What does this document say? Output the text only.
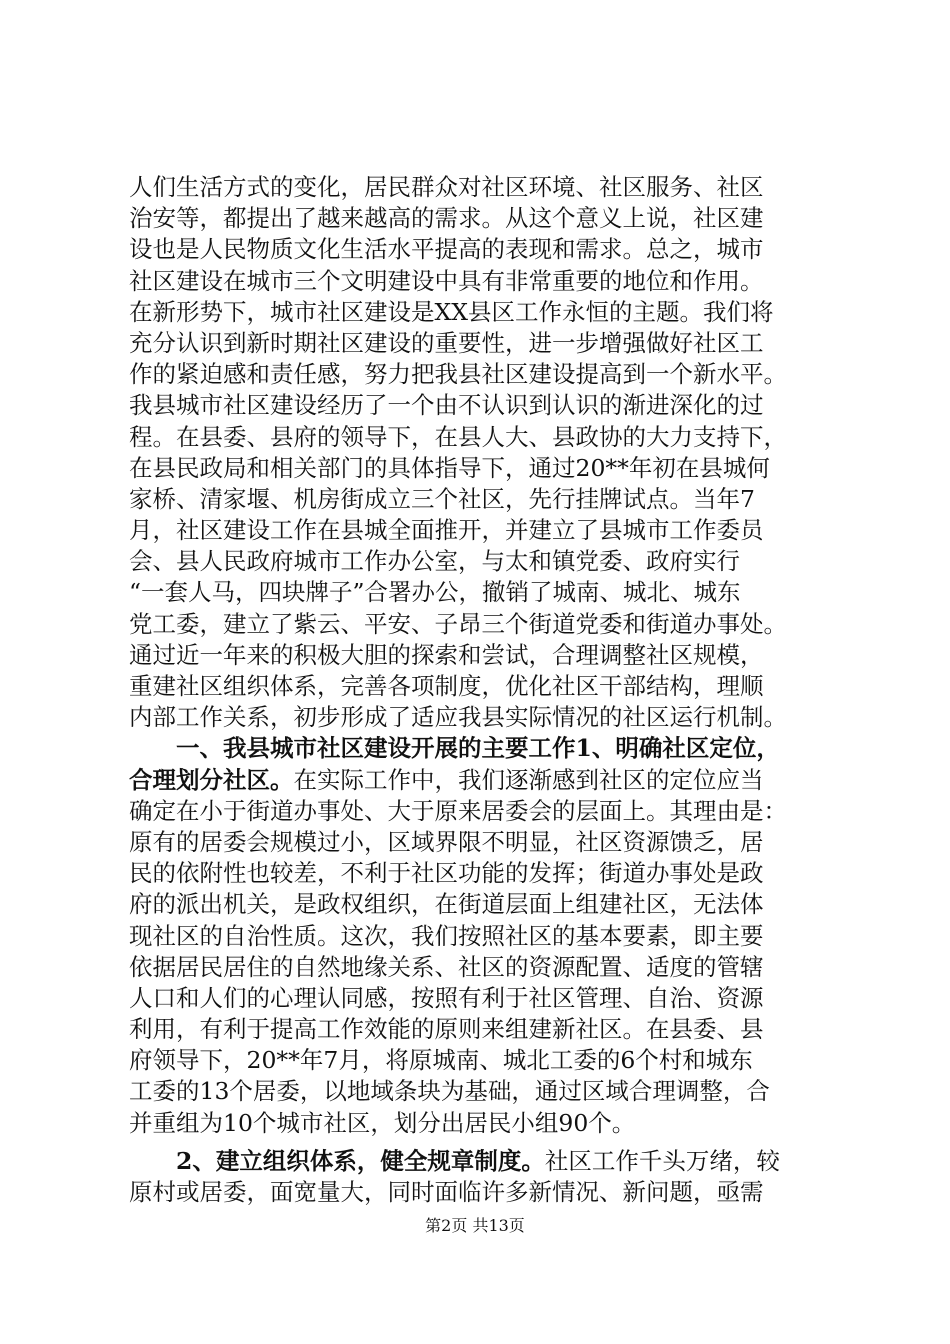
人们生活方式的变化，居民群众对社区环境、社区服务、社区
治安等，都提出了越来越高的需求。从这个意义上说，社区建
设也是人民物质文化生活水平提高的表现和需求。总之，城市
社区建设在城市三个文明建设中具有非常重要的地位和作用。
在新形势下，城市社区建设是XX县区工作永恒的主题。我们将
充分认识到新时期社区建设的重要性，进一步增强做好社区工
作的紧迫感和责任感，努力把我县社区建设提高到一个新水平。
我县城市社区建设经历了一个由不认识到认识的渐进深化的过
程。在县委、县府的领导下，在县人大、县政协的大力支持下，
在县民政局和相关部门的具体指导下，通过20**年初在县城何
家桥、清家堰、机房街成立三个社区，先行挂牌试点。当年7
月，社区建设工作在县城全面推开，并建立了县城市工作委员
会、县人民政府城市工作办公室，与太和镇党委、政府实行
“一套人马，四块牌子”合署办公，撤销了城南、城北、城东
党工委，建立了紫云、平安、子昂三个街道党委和街道办事处。
通过近一年来的积极大胆的探索和尝试，合理调整社区规模，
重建社区组织体系，完善各项制度，优化社区干部结构，理顺
内部工作关系，初步形成了适应我县实际情况的社区运行机制。
一、我县城市社区建设开展的主要工作1、明确社区定位，
合理划分社区。在实际工作中，我们逐渐感到社区的定位应当
确定在小于街道办事处、大于原来居委会的层面上。其理由是：
原有的居委会规模过小，区域界限不明显，社区资源馈乏，居
民的依附性也较差，不利于社区功能的发挥；街道办事处是政
府的派出机关，是政权组织，在街道层面上组建社区，无法体
现社区的自治性质。这次，我们按照社区的基本要素，即主要
依据居民居住的自然地缘关系、社区的资源配置、适度的管辖
人口和人们的心理认同感，按照有利于社区管理、自治、资源
利用，有利于提高工作效能的原则来组建新社区。在县委、县
府领导下，20**年7月，将原城南、城北工委的6个村和城东
工委的13个居委，以地域条块为基础，通过区域合理调整，合
并重组为10个城市社区，划分出居民小组90个。
2、建立组织体系，健全规章制度。社区工作千头万绪，较
原村或居委，面宽量大，同时面临许多新情况、新问题，亟需
第2页 共13页
